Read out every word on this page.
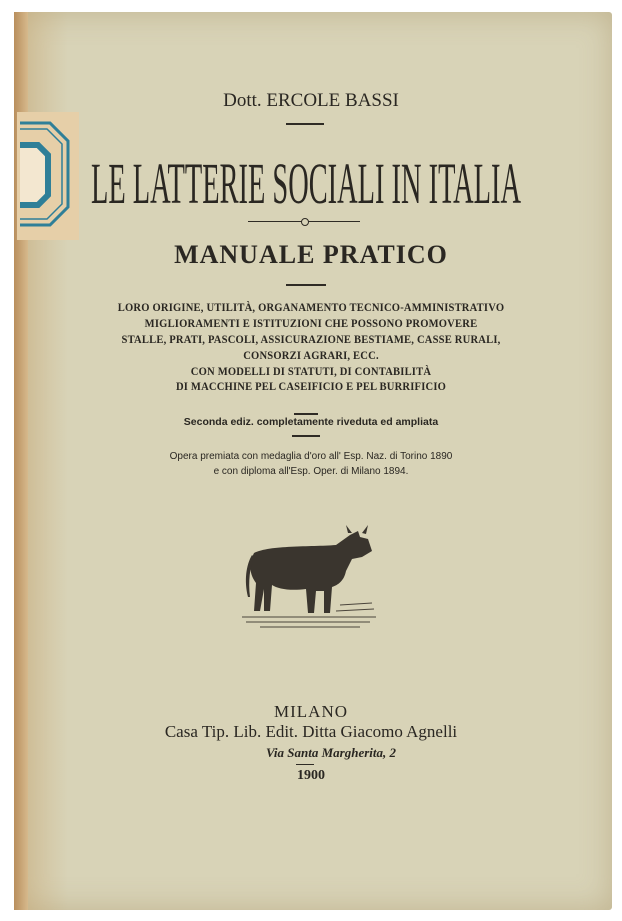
Dott. ERCOLE BASSI
LE LATTERIE SOCIALI IN ITALIA
MANUALE PRATICO
LORO ORIGINE, UTILITÀ, ORGANAMENTO TECNICO-AMMINISTRATIVO
MIGLIORAMENTI E ISTITUZIONI CHE POSSONO PROMOVERE
STALLE, PRATI, PASCOLI, ASSICURAZIONE BESTIAME, CASSE RURALI,
CONSORZI AGRARI, ECC.
CON MODELLI DI STATUTI, DI CONTABILITÀ
DI MACCHINE PEL CASEIFICIO E PEL BURRIFICIO
Seconda ediz. completamente riveduta ed ampliata
Opera premiata con medaglia d'oro all' Esp. Naz. di Torino 1890
e con diploma all'Esp. Oper. di Milano 1894.
MILANO
Casa Tip. Lib. Edit. Ditta Giacomo Agnelli
Via Santa Margherita, 2
1900
